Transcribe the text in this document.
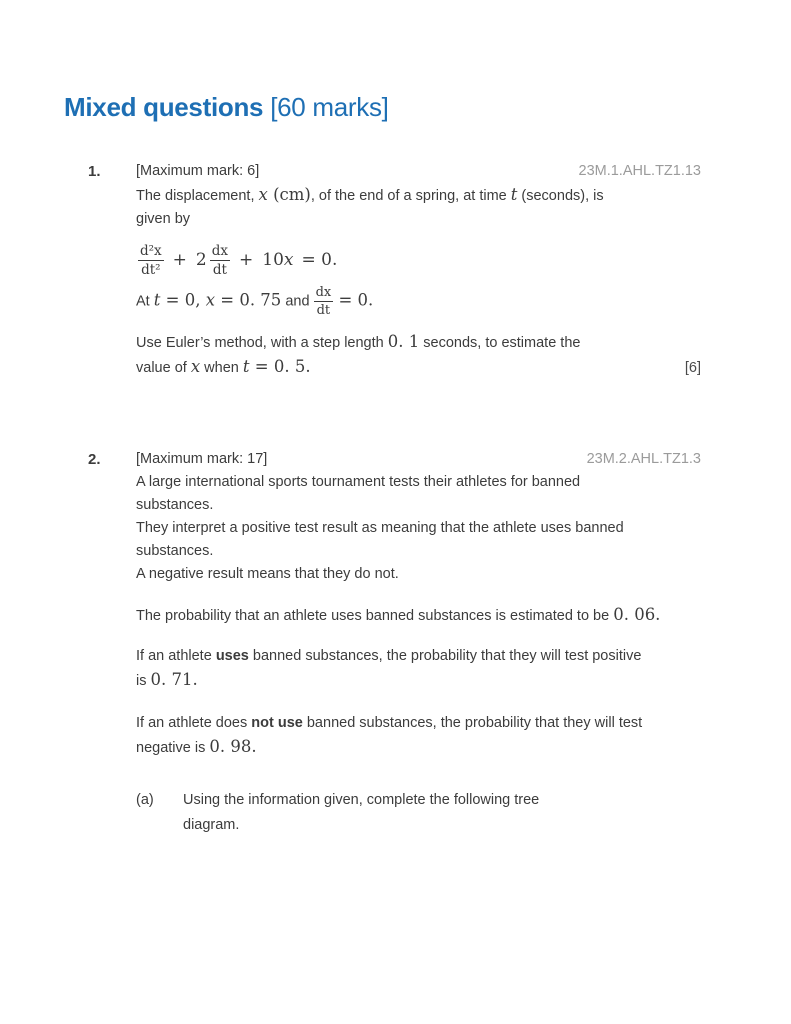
Mixed questions [60 marks]
1.	[Maximum mark: 6]	23M.1.AHL.TZ1.13
The displacement, x (cm), of the end of a spring, at time t (seconds), is
given by
$\frac{\text{d²x}}{\text{dt²}} + 2 \frac{dx}{dt} + 10$ x = 0.
At t = 0, x = 0. 75 and $\frac{dx}{dt} = 0$.
Use Euler’s method, with a step length 0. 1 seconds, to estimate the
value of x when t = 0. 5.	[6]
2.	[Maximum mark: 17]	23M.2.AHL.TZ1.3
A large international sports tournament tests their athletes for banned
substances.
They interpret a positive test result as meaning that the athlete uses banned
substances.
A negative result means that they do not.
The probability that an athlete uses banned substances is estimated to be 0. 06.
If an athlete uses banned substances, the probability that they will test positive
is 0. 71.
If an athlete does not use banned substances, the probability that they will test
negative is 0. 98.
(a)	Using the information given, complete the following tree
diagram.
